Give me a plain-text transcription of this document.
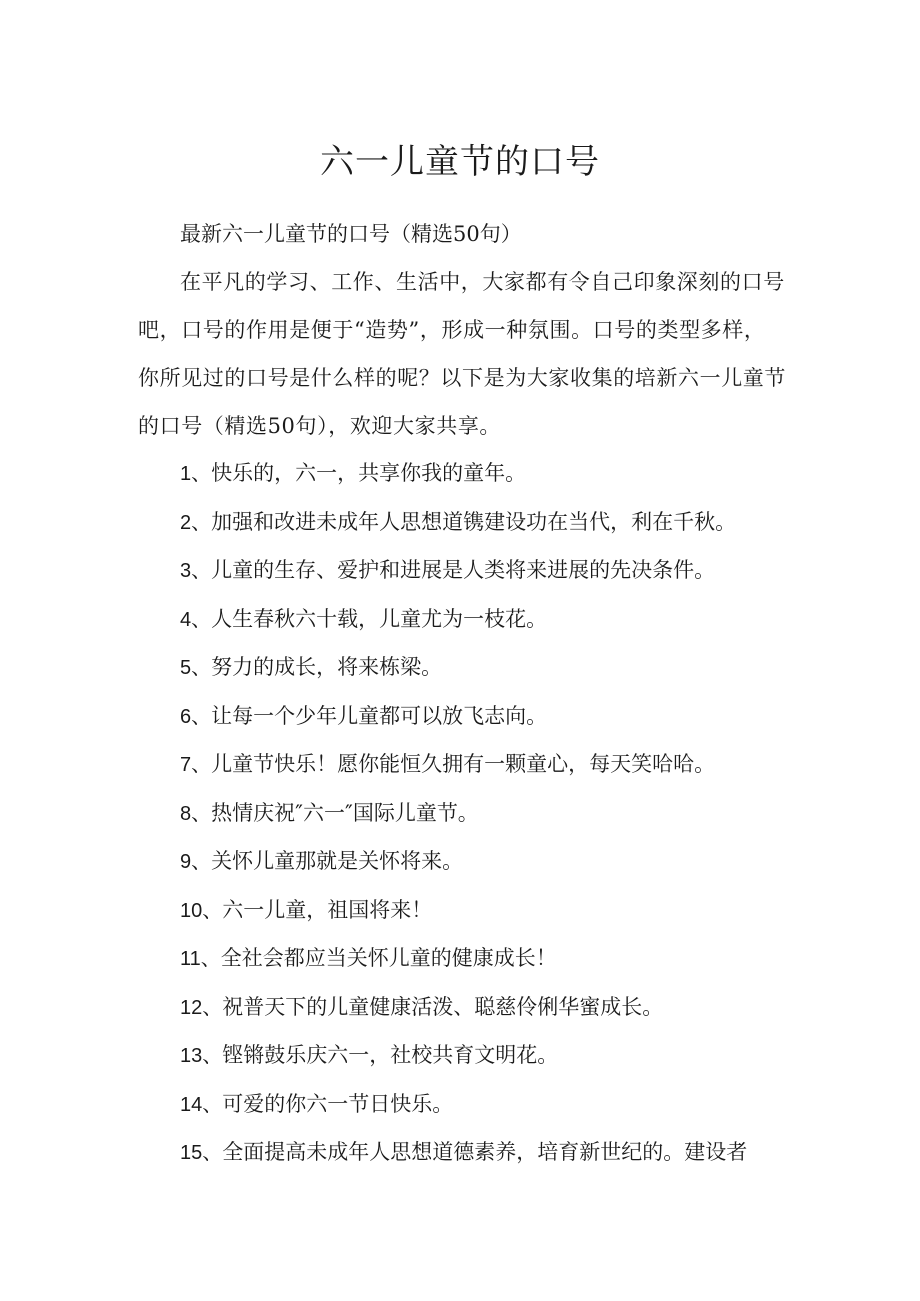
六一儿童节的口号

最新六一儿童节的口号（精选50句）

在平凡的学习、工作、生活中，大家都有令自己印象深刻的口号吧，口号的作用是便于“造势”，形成一种氛围。口号的类型多样，你所见过的口号是什么样的呢？以下是为大家收集的培新六一儿童节的口号（精选50句），欢迎大家共享。

1、快乐的，六一，共享你我的童年。
2、加强和改进未成年人思想道镌建设功在当代，利在千秋。
3、儿童的生存、爱护和进展是人类将来进展的先决条件。
4、人生春秋六十载，儿童尤为一枝花。
5、努力的成长，将来栋梁。
6、让每一个少年儿童都可以放飞志向。
7、儿童节快乐！愿你能恒久拥有一颗童心，每天笑哈哈。
8、热情庆祝″六一″国际儿童节。
9、关怀儿童那就是关怀将来。
10、六一儿童，祖国将来！
11、全社会都应当关怀儿童的健康成长！
12、祝普天下的儿童健康活泼、聪慈伶俐华蜜成长。
13、铿锵鼓乐庆六一，社校共育文明花。
14、可爱的你六一节日快乐。
15、全面提高未成年人思想道德素养，培育新世纪的。建设者
